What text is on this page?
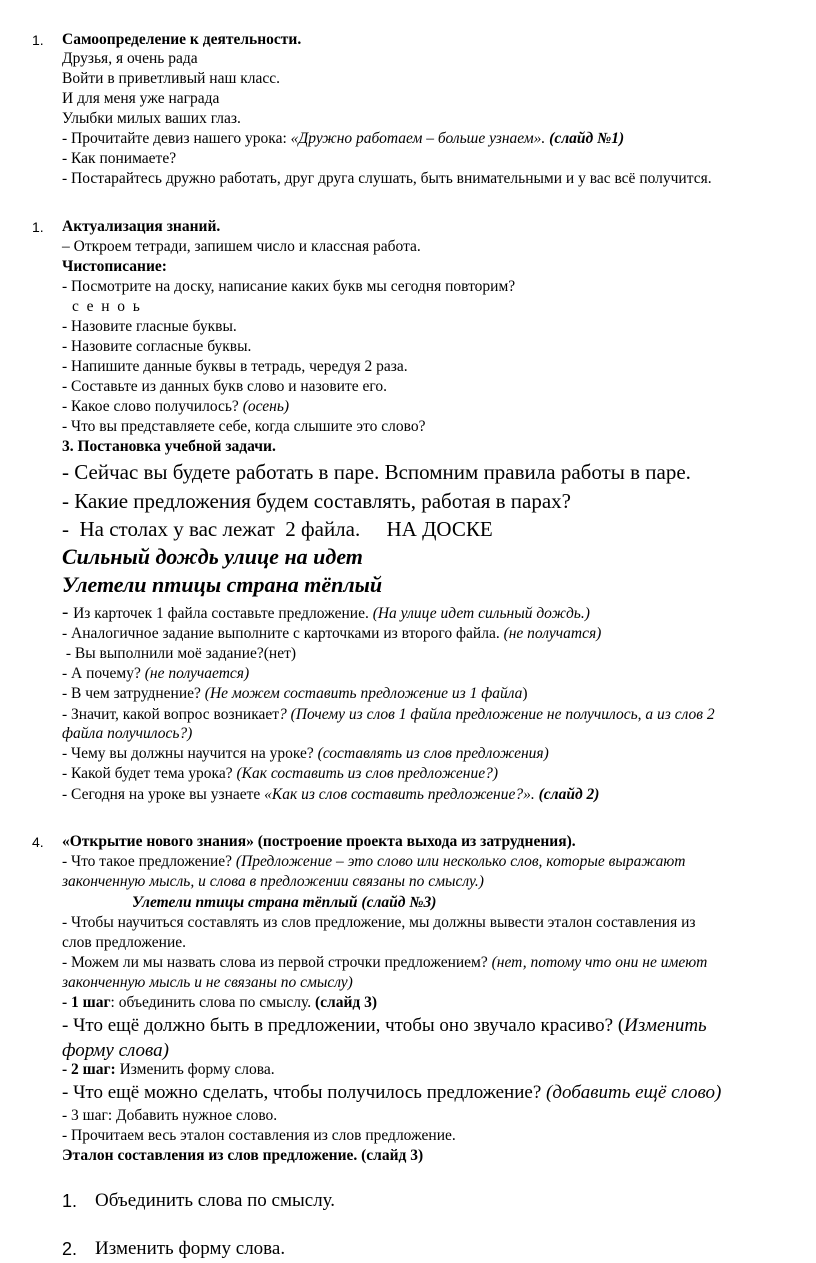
1. Самоопределение к деятельности.
Друзья, я очень рада
Войти в приветливый наш класс.
И для меня уже награда
Улыбки милых ваших глаз.
- Прочитайте девиз нашего урока: «Дружно работаем – больше узнаем». (слайд №1)
- Как понимаете?
- Постарайтесь дружно работать, друг друга слушать, быть внимательными и у вас всё получится.
1. Актуализация знаний.
– Откроем тетради, запишем число и классная работа.
Чистописание:
- Посмотрите на доску, написание каких букв мы сегодня повторим?
с  е  н  о  ь
- Назовите гласные буквы.
- Назовите согласные буквы.
- Напишите данные буквы в тетрадь, чередуя 2 раза.
- Составьте из данных букв слово и назовите его.
- Какое слово получилось? (осень)
- Что вы представляете себе, когда слышите это слово?
3. Постановка учебной задачи.
- Сейчас вы будете работать в паре. Вспомним правила работы в паре.
- Какие предложения будем составлять, работая в парах?
-  На столах у вас лежат  2 файла.     НА ДОСКЕ
Сильный дождь улице на идет
Улетели птицы страна тёплый
- Из карточек 1 файла составьте предложение. (На улице идет сильный дождь.)
- Аналогичное задание выполните с карточками из второго файла. (не получатся)
- Вы выполнили моё задание?(нет)
- А почему? (не получается)
- В чем затруднение? (Не можем составить предложение из 1 файла)
- Значит, какой вопрос возникает? (Почему из слов 1 файла предложение не получилось, а из слов 2
файла получилось?)
- Чему вы должны научится на уроке? (составлять из слов предложения)
- Какой будет тема урока? (Как составить из слов предложение?)
- Сегодня на уроке вы узнаете «Как из слов составить предложение?». (слайд 2)
4. «Открытие нового знания» (построение проекта выхода из затруднения).
- Что такое предложение? (Предложение – это слово или несколько слов, которые выражают
законченную мысль, и слова в предложении связаны по смыслу.)
Улетели птицы страна тёплый (слайд №3)
- Чтобы научиться составлять из слов предложение, мы должны вывести эталон составления из
слов предложение.
- Можем ли мы назвать слова из первой строчки предложением? (нет, потому что они не имеют
законченную мысль и не связаны по смыслу)
- 1 шаг: объединить слова по смыслу. (слайд 3)
- Что ещё должно быть в предложении, чтобы оно звучало красиво? (Изменить
форму слова)
- 2 шаг: Изменить форму слова.
- Что ещё можно сделать, чтобы получилось предложение? (добавить ещё слово)
- 3 шаг: Добавить нужное слово.
- Прочитаем весь эталон составления из слов предложение.
Эталон составления из слов предложение. (слайд 3)
1. Объединить слова по смыслу.
2. Изменить форму слова.
